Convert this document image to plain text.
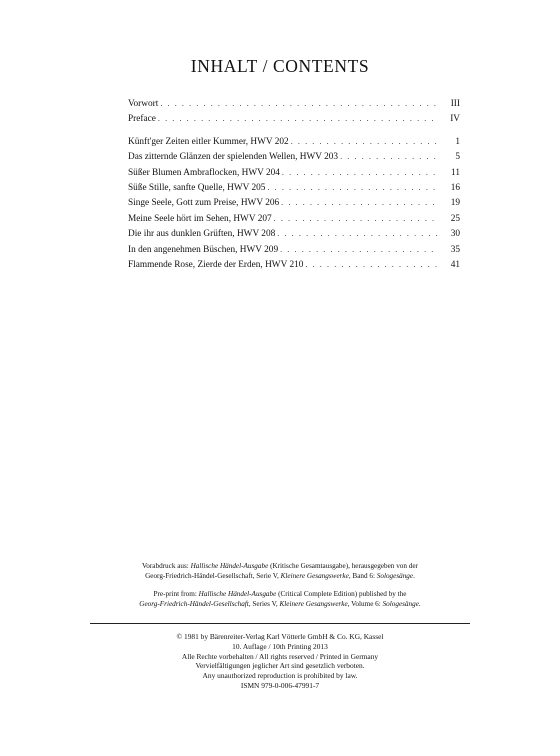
INHALT / CONTENTS
Vorwort . . .	III
Preface . . .	IV
Künft'ger Zeiten eitler Kummer, HWV 202 . . .	1
Das zitternde Glänzen der spielenden Wellen, HWV 203 . . .	5
Süßer Blumen Ambraflocken, HWV 204 . . .	11
Süße Stille, sanfte Quelle, HWV 205 . . .	16
Singe Seele, Gott zum Preise, HWV 206 . . .	19
Meine Seele hört im Sehen, HWV 207 . . .	25
Die ihr aus dunklen Grüften, HWV 208 . . .	30
In den angenehmen Büschen, HWV 209 . . .	35
Flammende Rose, Zierde der Erden, HWV 210 . . .	41
Vorabdruck aus: Hallische Händel-Ausgabe (Kritische Gesamtausgabe), herausgegeben von der
Georg-Friedrich-Händel-Gesellschaft, Serie V, Kleinere Gesangswerke, Band 6: Sologesänge.
Pre-print from: Hallische Händel-Ausgabe (Critical Complete Edition) published by the
Georg-Friedrich-Händel-Gesellschaft, Series V, Kleinere Gesangswerke, Volume 6: Sologesänge.
© 1981 by Bärenreiter-Verlag Karl Vötterle GmbH & Co. KG, Kassel
10. Auflage / 10th Printing 2013
Alle Rechte vorbehalten / All rights reserved / Printed in Germany
Vervielfältigungen jeglicher Art sind gesetzlich verboten.
Any unauthorized reproduction is prohibited by law.
ISMN 979-0-006-47991-7
